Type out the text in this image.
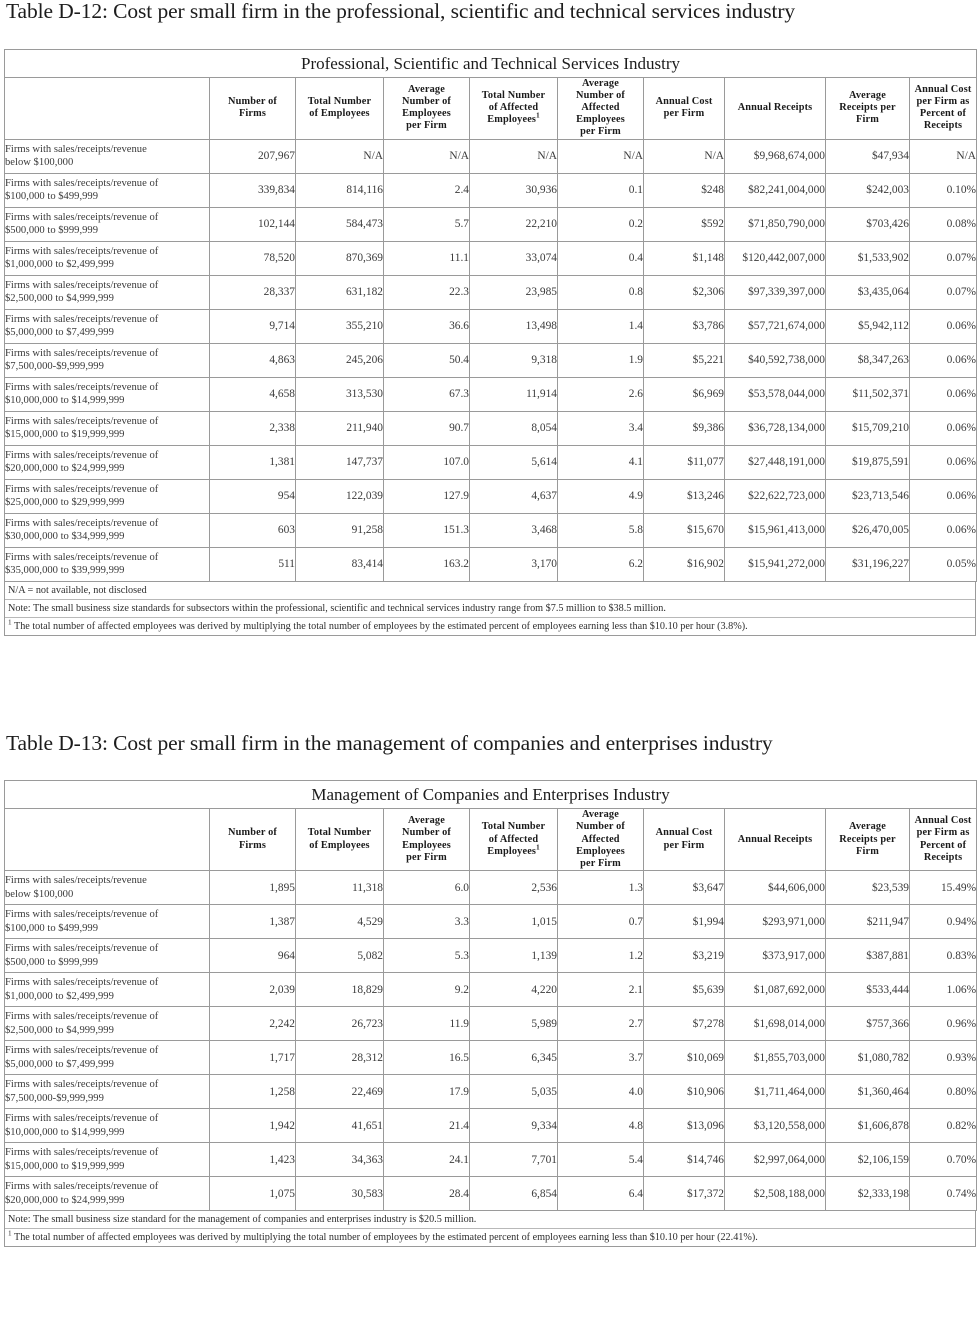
Table D-12: Cost per small firm in the professional, scientific and technical services industry
Professional, Scientific and Technical Services Industry									
	Number of
Firms	Total Number
of Employees	Average
Number of
Employees
per Firm	Total Number
of Affected
Employees$^1$	Average
Number of
Affected
Employees
per Firm	Annual Cost
per Firm	Annual Receipts	Average
Receipts per
Firm	Annual Cost
per Firm as
Percent of
Receipts
Firms with sales/receipts/revenue
below $100,000	207,967	N/A	N/A	N/A	N/A	N/A	$9,968,674,000	$47,934	N/A
Firms with sales/receipts/revenue of
$100,000 to $499,999	339,834	814,116	2.4	30,936	0.1	$248	$82,241,004,000	$242,003	0.10%
Firms with sales/receipts/revenue of
$500,000 to $999,999	102,144	584,473	5.7	22,210	0.2	$592	$71,850,790,000	$703,426	0.08%
Firms with sales/receipts/revenue of
$1,000,000 to $2,499,999	78,520	870,369	11.1	33,074	0.4	$1,148	$120,442,007,000	$1,533,902	0.07%
Firms with sales/receipts/revenue of
$2,500,000 to $4,999,999	28,337	631,182	22.3	23,985	0.8	$2,306	$97,339,397,000	$3,435,064	0.07%
Firms with sales/receipts/revenue of
$5,000,000 to $7,499,999	9,714	355,210	36.6	13,498	1.4	$3,786	$57,721,674,000	$5,942,112	0.06%
Firms with sales/receipts/revenue of
$7,500,000-$9,999,999	4,863	245,206	50.4	9,318	1.9	$5,221	$40,592,738,000	$8,347,263	0.06%
Firms with sales/receipts/revenue of
$10,000,000 to $14,999,999	4,658	313,530	67.3	11,914	2.6	$6,969	$53,578,044,000	$11,502,371	0.06%
Firms with sales/receipts/revenue of
$15,000,000 to $19,999,999	2,338	211,940	90.7	8,054	3.4	$9,386	$36,728,134,000	$15,709,210	0.06%
Firms with sales/receipts/revenue of
$20,000,000 to $24,999,999	1,381	147,737	107.0	5,614	4.1	$11,077	$27,448,191,000	$19,875,591	0.06%
Firms with sales/receipts/revenue of
$25,000,000 to $29,999,999	954	122,039	127.9	4,637	4.9	$13,246	$22,622,723,000	$23,713,546	0.06%
Firms with sales/receipts/revenue of
$30,000,000 to $34,999,999	603	91,258	151.3	3,468	5.8	$15,670	$15,961,413,000	$26,470,005	0.06%
Firms with sales/receipts/revenue of
$35,000,000 to $39,999,999	511	83,414	163.2	3,170	6.2	$16,902	$15,941,272,000	$31,196,227	0.05%
N/A = not available, not disclosed
Note: The small business size standards for subsectors within the professional, scientific and technical services industry range from $7.5 million to $38.5 million.
$^1$ The total number of affected employees was derived by multiplying the total number of employees by the estimated percent of employees earning less than $10.10 per hour (3.8%).
Table D-13: Cost per small firm in the management of companies and enterprises industry
Management of Companies and Enterprises Industry									
	Number of
Firms	Total Number
of Employees	Average
Number of
Employees
per Firm	Total Number
of Affected
Employees$^1$	Average
Number of
Affected
Employees
per Firm	Annual Cost
per Firm	Annual Receipts	Average
Receipts per
Firm	Annual Cost
per Firm as
Percent of
Receipts
Firms with sales/receipts/revenue
below $100,000	1,895	11,318	6.0	2,536	1.3	$3,647	$44,606,000	$23,539	15.49%
Firms with sales/receipts/revenue of
$100,000 to $499,999	1,387	4,529	3.3	1,015	0.7	$1,994	$293,971,000	$211,947	0.94%
Firms with sales/receipts/revenue of
$500,000 to $999,999	964	5,082	5.3	1,139	1.2	$3,219	$373,917,000	$387,881	0.83%
Firms with sales/receipts/revenue of
$1,000,000 to $2,499,999	2,039	18,829	9.2	4,220	2.1	$5,639	$1,087,692,000	$533,444	1.06%
Firms with sales/receipts/revenue of
$2,500,000 to $4,999,999	2,242	26,723	11.9	5,989	2.7	$7,278	$1,698,014,000	$757,366	0.96%
Firms with sales/receipts/revenue of
$5,000,000 to $7,499,999	1,717	28,312	16.5	6,345	3.7	$10,069	$1,855,703,000	$1,080,782	0.93%
Firms with sales/receipts/revenue of
$7,500,000-$9,999,999	1,258	22,469	17.9	5,035	4.0	$10,906	$1,711,464,000	$1,360,464	0.80%
Firms with sales/receipts/revenue of
$10,000,000 to $14,999,999	1,942	41,651	21.4	9,334	4.8	$13,096	$3,120,558,000	$1,606,878	0.82%
Firms with sales/receipts/revenue of
$15,000,000 to $19,999,999	1,423	34,363	24.1	7,701	5.4	$14,746	$2,997,064,000	$2,106,159	0.70%
Firms with sales/receipts/revenue of
$20,000,000 to $24,999,999	1,075	30,583	28.4	6,854	6.4	$17,372	$2,508,188,000	$2,333,198	0.74%
Note: The small business size standard for the management of companies and enterprises industry is $20.5 million.
$^1$ The total number of affected employees was derived by multiplying the total number of employees by the estimated percent of employees earning less than $10.10 per hour (22.41%).
